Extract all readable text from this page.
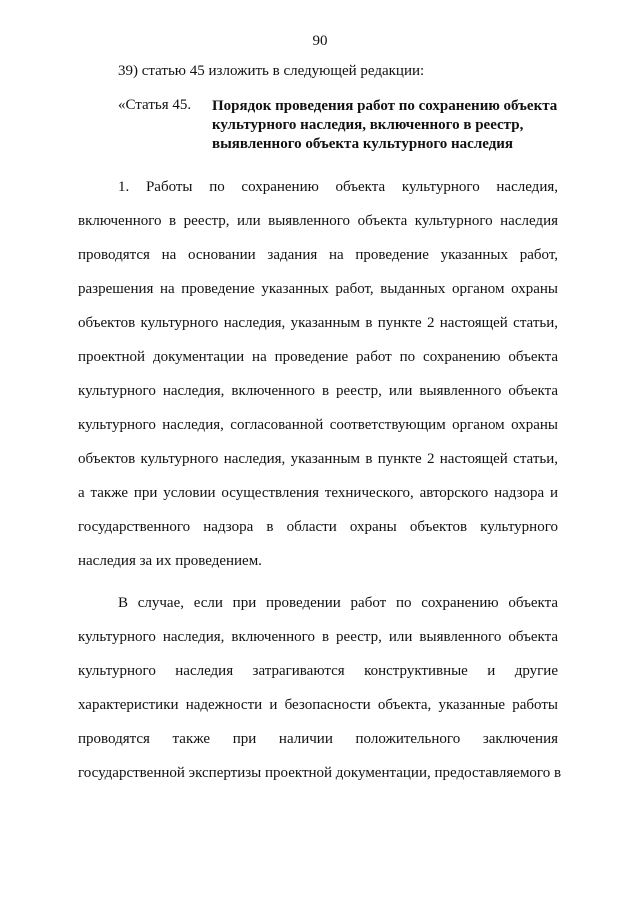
90
39) статью 45 изложить в следующей редакции:
«Статья 45. Порядок проведения работ по сохранению объекта культурного наследия, включенного в реестр, выявленного объекта культурного наследия
1. Работы по сохранению объекта культурного наследия,
включенного в реестр, или выявленного объекта культурного наследия
проводятся на основании задания на проведение указанных работ,
разрешения на проведение указанных работ, выданных органом охраны
объектов культурного наследия, указанным в пункте 2 настоящей статьи,
проектной документации на проведение работ по сохранению объекта
культурного наследия, включенного в реестр, или выявленного объекта
культурного наследия, согласованной соответствующим органом охраны
объектов культурного наследия, указанным в пункте 2 настоящей статьи,
а также при условии осуществления технического, авторского надзора и
государственного надзора в области охраны объектов культурного
наследия за их проведением.
В случае, если при проведении работ по сохранению объекта
культурного наследия, включенного в реестр, или выявленного объекта
культурного наследия затрагиваются конструктивные и другие
характеристики надежности и безопасности объекта, указанные работы
проводятся также при наличии положительного заключения
государственной экспертизы проектной документации, предоставляемого в
